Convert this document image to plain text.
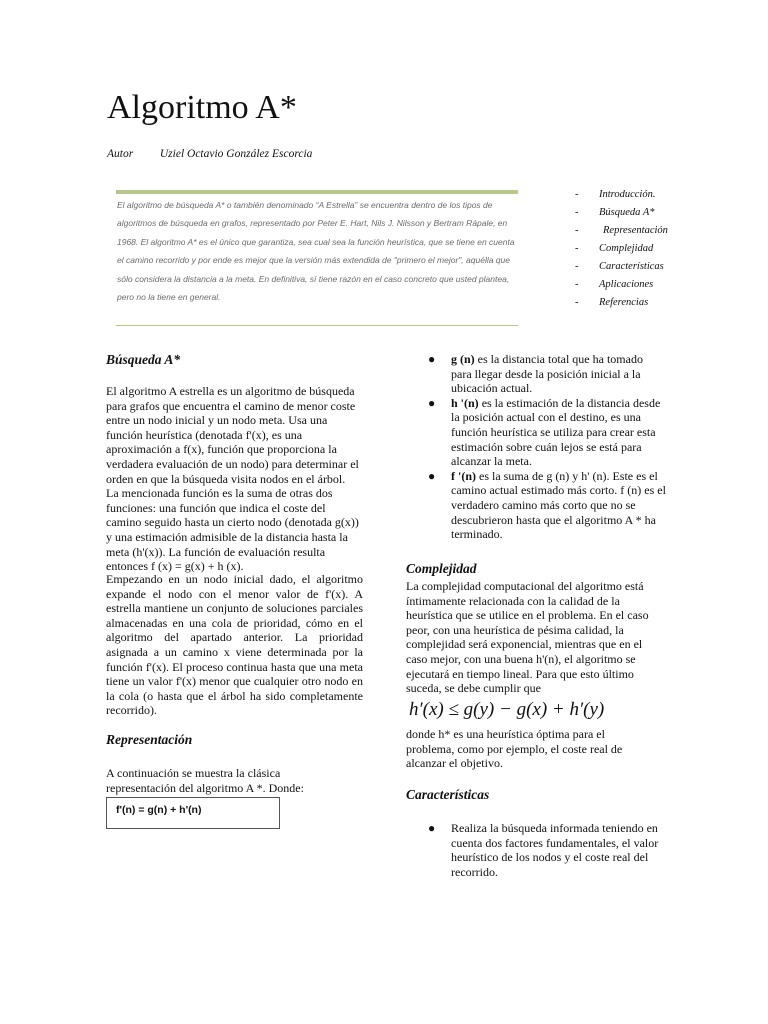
Algoritmo A*
Autor Uziel Octavio González Escorcia

El algoritmo de búsqueda A* o también denominado “A Estrella” se encuentra dentro de los tipos de algoritmos de búsqueda en grafos, representado por Peter E. Hart, Nils J. Nilsson y Bertram Rápale, en 1968. El algoritmo A* es el único que garantiza, sea cual sea la función heurística, que se tiene en cuenta el camino recorrido y por ende es mejor que la versión más extendida de "primero el mejor", aquélla que sólo considera la distancia a la meta. En definitiva, sí tiene razón en el caso concreto que usted plantea, pero no la tiene en general.

- Introducción.
- Búsqueda A*
- Representación
- Complejidad
- Características
- Aplicaciones
- Referencias
Búsqueda A*

El algoritmo A estrella es un algoritmo de búsqueda para grafos que encuentra el camino de menor coste entre un nodo inicial y un nodo meta. Usa una función heurística (denotada f'(x), es una aproximación a f(x), función que proporciona la verdadera evaluación de un nodo) para determinar el orden en que la búsqueda visita nodos en el árbol. La mencionada función es la suma de otras dos funciones: una función que indica el coste del camino seguido hasta un cierto nodo (denotada g(x)) y una estimación admisible de la distancia hasta la meta (h'(x)). La función de evaluación resulta entonces f (x) = g(x) + h (x).

Empezando en un nodo inicial dado, el algoritmo expande el nodo con el menor valor de f'(x). A estrella mantiene un conjunto de soluciones parciales almacenadas en una cola de prioridad, cómo en el algoritmo del apartado anterior. La prioridad asignada a un camino x viene determinada por la función f'(x). El proceso continua hasta que una meta tiene un valor f'(x) menor que cualquier otro nodo en la cola (o hasta que el árbol ha sido completamente recorrido).

Representación

A continuación se muestra la clásica representación del algoritmo A *. Donde:

f'(n) = g(n) + h'(n)
● g (n) es la distancia total que ha tomado para llegar desde la posición inicial a la ubicación actual.
● h '(n) es la estimación de la distancia desde la posición actual con el destino, es una función heurística se utiliza para crear esta estimación sobre cuán lejos se está para alcanzar la meta.
● f '(n) es la suma de g (n) y h' (n). Este es el camino actual estimado más corto. f (n) es el verdadero camino más corto que no se descubrieron hasta que el algoritmo A * ha terminado.
Complejidad

La complejidad computacional del algoritmo está íntimamente relacionada con la calidad de la heurística que se utilice en el problema. En el caso peor, con una heurística de pésima calidad, la complejidad será exponencial, mientras que en el caso mejor, con una buena h'(n), el algoritmo se ejecutará en tiempo lineal. Para que esto último suceda, se debe cumplir que

h′(x) ≤ g(y) − g(x) + h′(y)

donde h* es una heurística óptima para el problema, como por ejemplo, el coste real de alcanzar el objetivo.

Características
● Realiza la búsqueda informada teniendo en cuenta dos factores fundamentales, el valor heurístico de los nodos y el coste real del recorrido.
